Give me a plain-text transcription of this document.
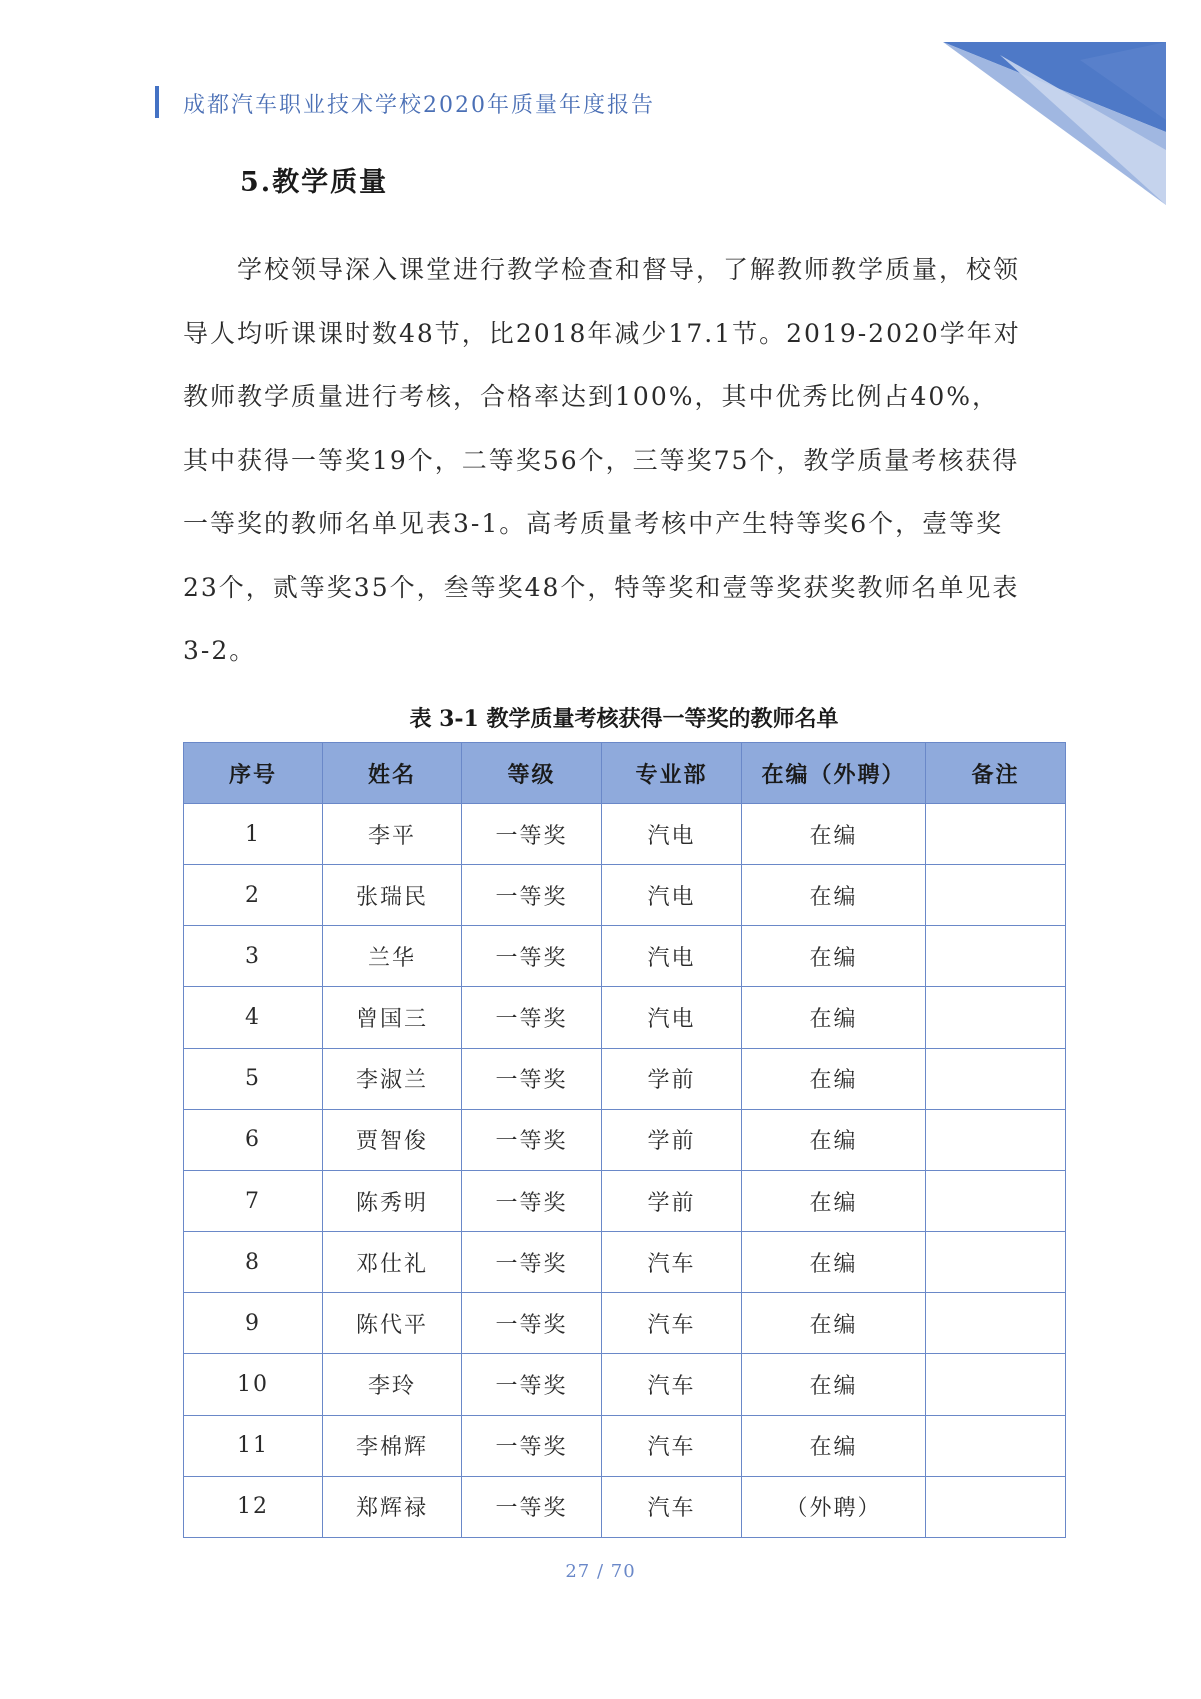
成都汽车职业技术学校2020年质量年度报告
5.教学质量

学校领导深入课堂进行教学检查和督导，了解教师教学质量，校领导人均听课课时数48节，比2018年减少17.1节。2019-2020学年对教师教学质量进行考核，合格率达到100%，其中优秀比例占40%，其中获得一等奖19个，二等奖56个，三等奖75个，教学质量考核获得一等奖的教师名单见表3-1。高考质量考核中产生特等奖6个，壹等奖23个，贰等奖35个，叁等奖48个，特等奖和壹等奖获奖教师名单见表3-2。

表 3-1 教学质量考核获得一等奖的教师名单
序号	姓名	等级	专业部	在编（外聘）	备注
1	李平	一等奖	汽电	在编	
2	张瑞民	一等奖	汽电	在编	
3	兰华	一等奖	汽电	在编	
4	曾国三	一等奖	汽电	在编	
5	李淑兰	一等奖	学前	在编	
6	贾智俊	一等奖	学前	在编	
7	陈秀明	一等奖	学前	在编	
8	邓仕礼	一等奖	汽车	在编	
9	陈代平	一等奖	汽车	在编	
10	李玲	一等奖	汽车	在编	
11	李棉辉	一等奖	汽车	在编	
12	郑辉禄	一等奖	汽车	（外聘）	
27 / 70
